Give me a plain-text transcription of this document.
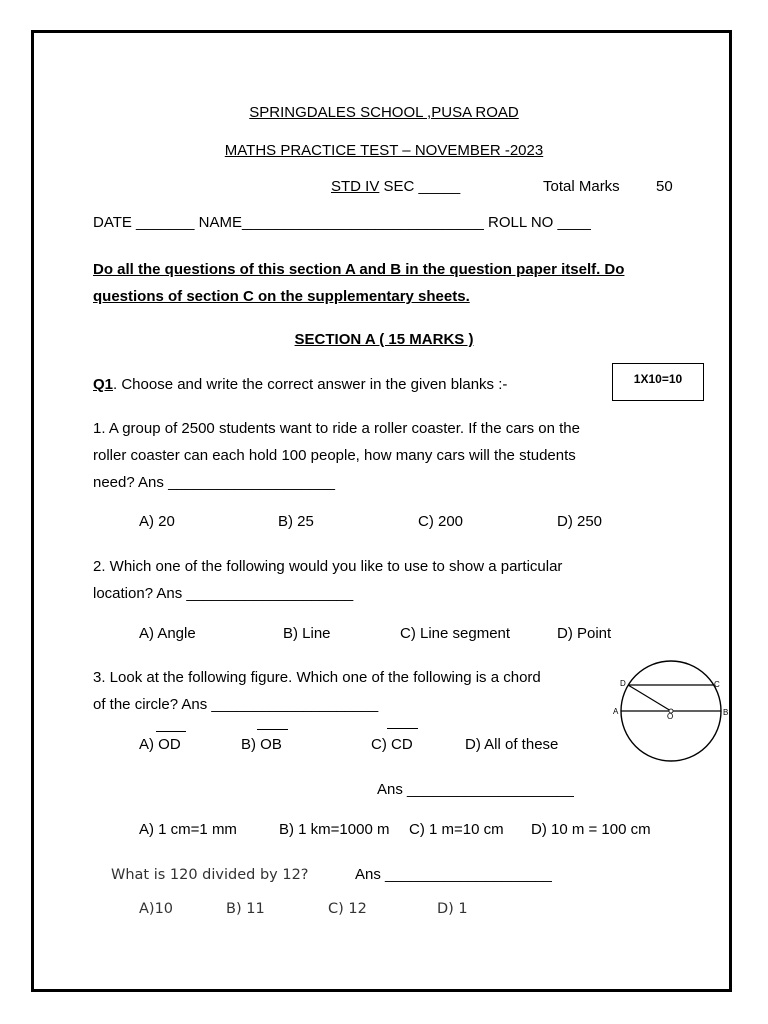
SPRINGDALES SCHOOL ,PUSA ROAD
MATHS PRACTICE TEST – NOVEMBER -2023
STD IV SEC _____	Total Marks 50
DATE _______ NAME_____________________________ ROLL NO ____
Do all the questions of this section A and B in the question paper itself. Do
questions of section C on the supplementary sheets.
SECTION A ( 15 MARKS )
Q1. Choose and write the correct answer in the given blanks :-	1X10=10
1. A group of 2500 students want to ride a roller coaster. If the cars on the
roller coaster can each hold 100 people, how many cars will the students
need? Ans ____________________
A) 20	B) 25	C) 200	D) 250
2. Which one of the following would you like to use to show a particular
location? Ans ____________________
A) Angle	B) Line	C) Line segment	D) Point
3. Look at the following figure. Which one of the following is a chord
of the circle? Ans ____________________
A) OD	B) OB	C) CD	D) All of these
D	C
A
O	B
Ans ____________________
A) 1 cm=1 mm	B) 1 km=1000 m C) 1 m=10 cm D) 10 m = 100 cm
What is 120 divided by 12?	Ans ____________________
A)10	B) 11	C) 12	D) 1
